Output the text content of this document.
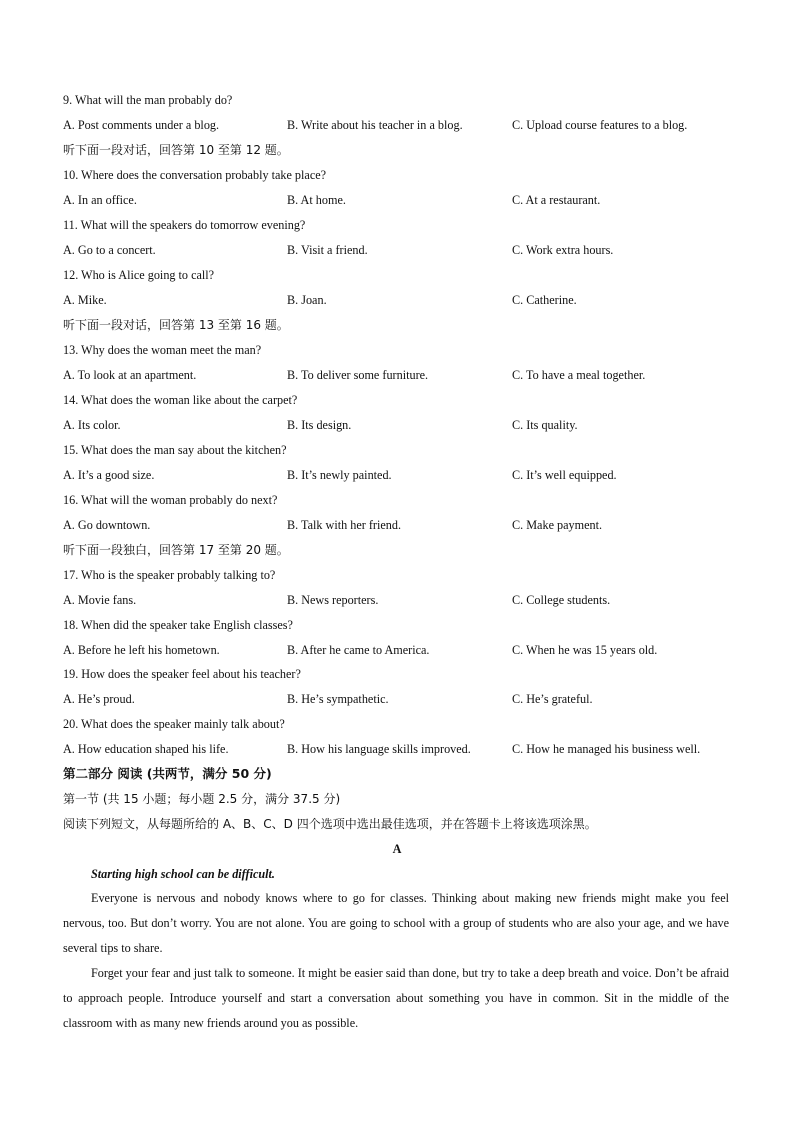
9. What will the man probably do?
A. Post comments under a blog.	B. Write about his teacher in a blog.	C. Upload course features to a blog.
听下面一段对话，回答第 10 至第 12 题。
10. Where does the conversation probably take place?
A. In an office.	B. At home.	C. At a restaurant.
11. What will the speakers do tomorrow evening?
A. Go to a concert.	B. Visit a friend.	C. Work extra hours.
12. Who is Alice going to call?
A. Mike.	B. Joan.	C. Catherine.
听下面一段对话，回答第 13 至第 16 题。
13. Why does the woman meet the man?
A. To look at an apartment.	B. To deliver some furniture.	C. To have a meal together.
14. What does the woman like about the carpet?
A. Its color.	B. Its design.	C. Its quality.
15. What does the man say about the kitchen?
A. It’s a good size.	B. It’s newly painted.	C. It’s well equipped.
16. What will the woman probably do next?
A. Go downtown.	B. Talk with her friend.	C. Make payment.
听下面一段独白，回答第 17 至第 20 题。
17. Who is the speaker probably talking to?
A. Movie fans.	B. News reporters.	C. College students.
18. When did the speaker take English classes?
A. Before he left his hometown.	B. After he came to America.	C. When he was 15 years old.
19. How does the speaker feel about his teacher?
A. He’s proud.	B. He’s sympathetic.	C. He’s grateful.
20. What does the speaker mainly talk about?
A. How education shaped his life.	B. How his language skills improved.	C. How he managed his business well.
第二部分 阅读 (共两节，满分 50 分)
第一节 (共 15 小题；每小题 2.5 分，满分 37.5 分)
阅读下列短文，从每题所给的 A、B、C、D 四个选项中选出最佳选项，并在答题卡上将该选项涂黑。
A
Starting high school can be difficult.
Everyone is nervous and nobody knows where to go for classes. Thinking about making new friends might make you feel nervous, too. But don’t worry. You are not alone. You are going to school with a group of students who are also your age, and we have several tips to share.
Forget your fear and just talk to someone. It might be easier said than done, but try to take a deep breath and voice. Don’t be afraid to approach people. Introduce yourself and start a conversation about something you have in common. Sit in the middle of the classroom with as many new friends around you as possible.
